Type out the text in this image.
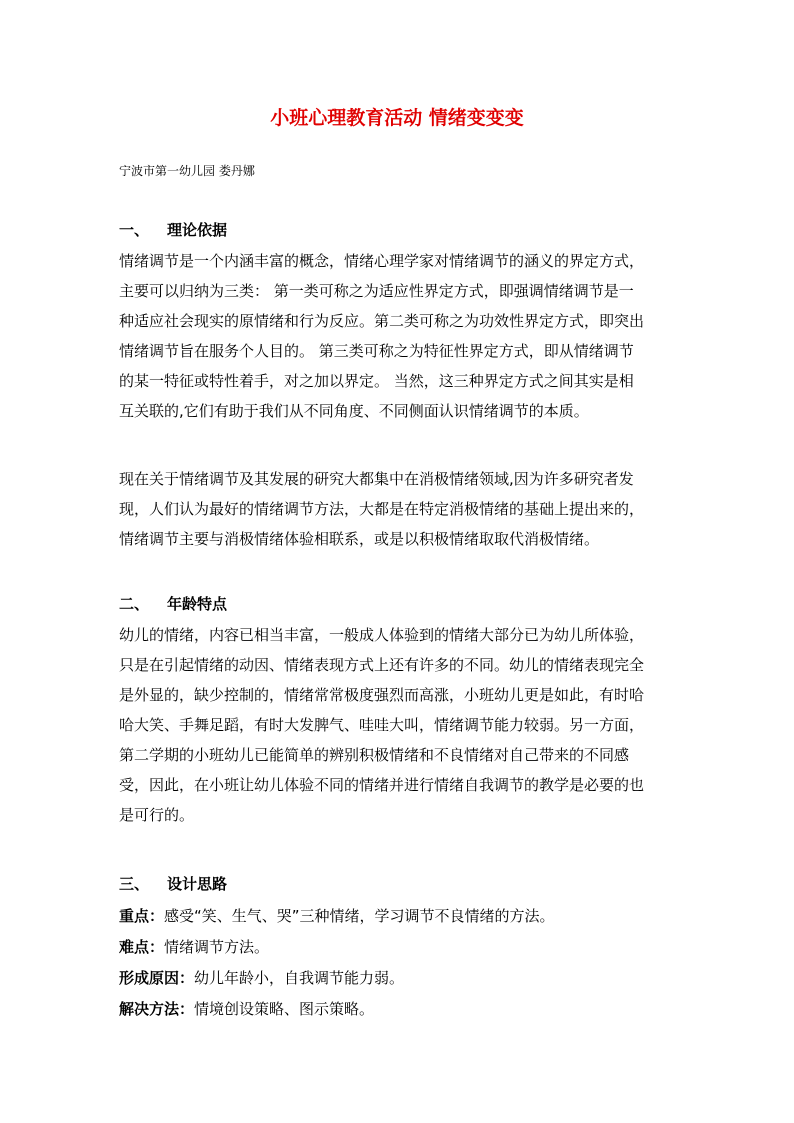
小班心理教育活动 情绪变变变
宁波市第一幼儿园 娄丹娜
一、 理论依据
情绪调节是一个内涵丰富的概念，情绪心理学家对情绪调节的涵义的界定方式，
主要可以归纳为三类： 第一类可称之为适应性界定方式，即强调情绪调节是一
种适应社会现实的原情绪和行为反应。第二类可称之为功效性界定方式，即突出
情绪调节旨在服务个人目的。 第三类可称之为特征性界定方式，即从情绪调节
的某一特征或特性着手，对之加以界定。 当然，这三种界定方式之间其实是相
互关联的,它们有助于我们从不同角度、不同侧面认识情绪调节的本质。
现在关于情绪调节及其发展的研究大都集中在消极情绪领域,因为许多研究者发
现，人们认为最好的情绪调节方法，大都是在特定消极情绪的基础上提出来的，
情绪调节主要与消极情绪体验相联系，或是以积极情绪取取代消极情绪。
二、 年龄特点
幼儿的情绪，内容已相当丰富，一般成人体验到的情绪大部分已为幼儿所体验，
只是在引起情绪的动因、情绪表现方式上还有许多的不同。幼儿的情绪表现完全
是外显的，缺少控制的，情绪常常极度强烈而高涨，小班幼儿更是如此，有时哈
哈大笑、手舞足蹈，有时大发脾气、哇哇大叫，情绪调节能力较弱。另一方面，
第二学期的小班幼儿已能简单的辨别积极情绪和不良情绪对自己带来的不同感
受，因此，在小班让幼儿体验不同的情绪并进行情绪自我调节的教学是必要的也
是可行的。
三、 设计思路
重点：感受“笑、生气、哭”三种情绪，学习调节不良情绪的方法。
难点：情绪调节方法。
形成原因：幼儿年龄小，自我调节能力弱。
解决方法：情境创设策略、图示策略。
